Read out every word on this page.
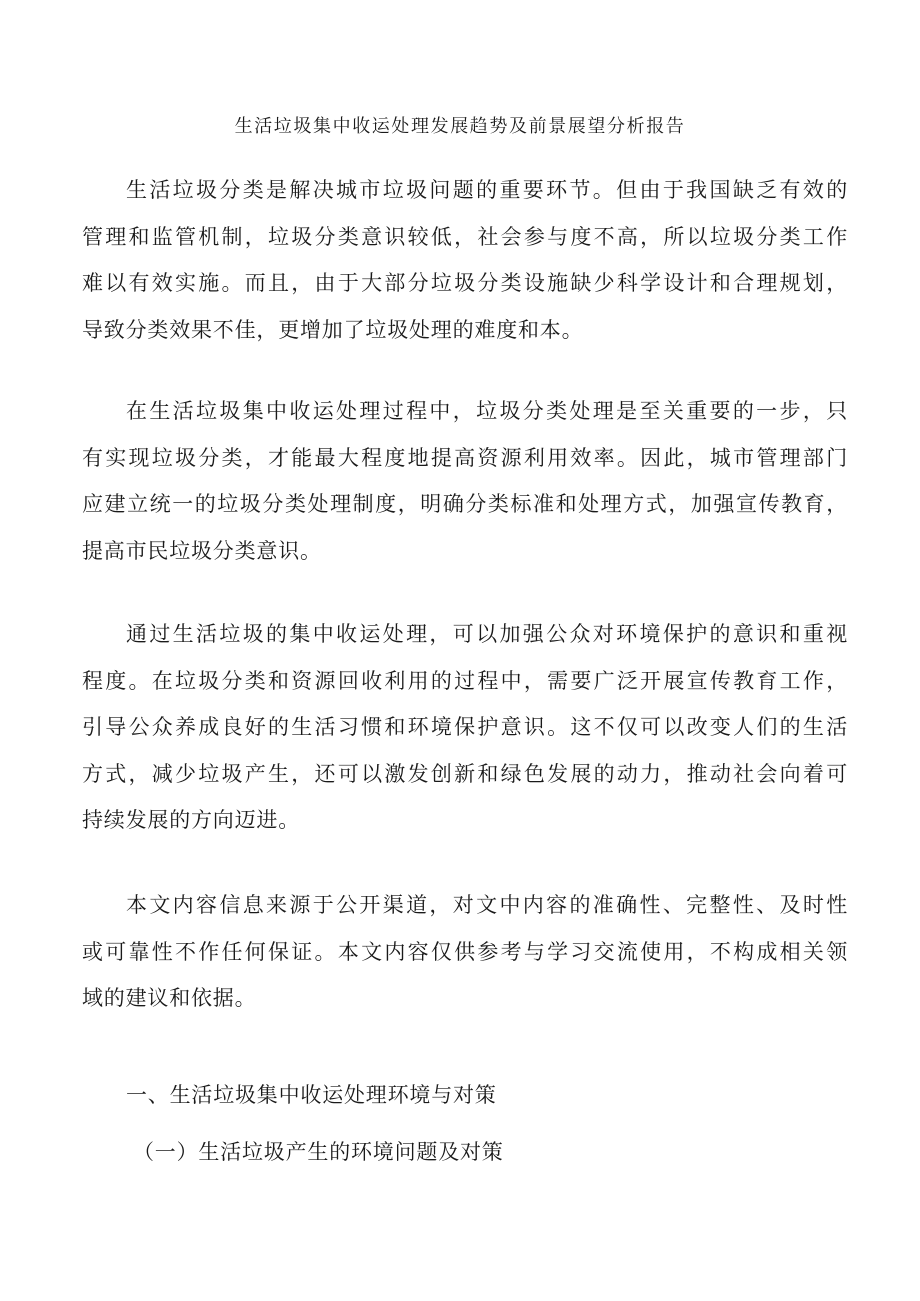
生活垃圾集中收运处理发展趋势及前景展望分析报告
生活垃圾分类是解决城市垃圾问题的重要环节。但由于我国缺乏有效的
管理和监管机制，垃圾分类意识较低，社会参与度不高，所以垃圾分类工作
难以有效实施。而且，由于大部分垃圾分类设施缺少科学设计和合理规划，
导致分类效果不佳，更增加了垃圾处理的难度和本。
在生活垃圾集中收运处理过程中，垃圾分类处理是至关重要的一步，只
有实现垃圾分类，才能最大程度地提高资源利用效率。因此，城市管理部门
应建立统一的垃圾分类处理制度，明确分类标准和处理方式，加强宣传教育，
提高市民垃圾分类意识。
通过生活垃圾的集中收运处理，可以加强公众对环境保护的意识和重视
程度。在垃圾分类和资源回收利用的过程中，需要广泛开展宣传教育工作，
引导公众养成良好的生活习惯和环境保护意识。这不仅可以改变人们的生活
方式，减少垃圾产生，还可以激发创新和绿色发展的动力，推动社会向着可
持续发展的方向迈进。
本文内容信息来源于公开渠道，对文中内容的准确性、完整性、及时性
或可靠性不作任何保证。本文内容仅供参考与学习交流使用，不构成相关领
域的建议和依据。
一、生活垃圾集中收运处理环境与对策
（一）生活垃圾产生的环境问题及对策
